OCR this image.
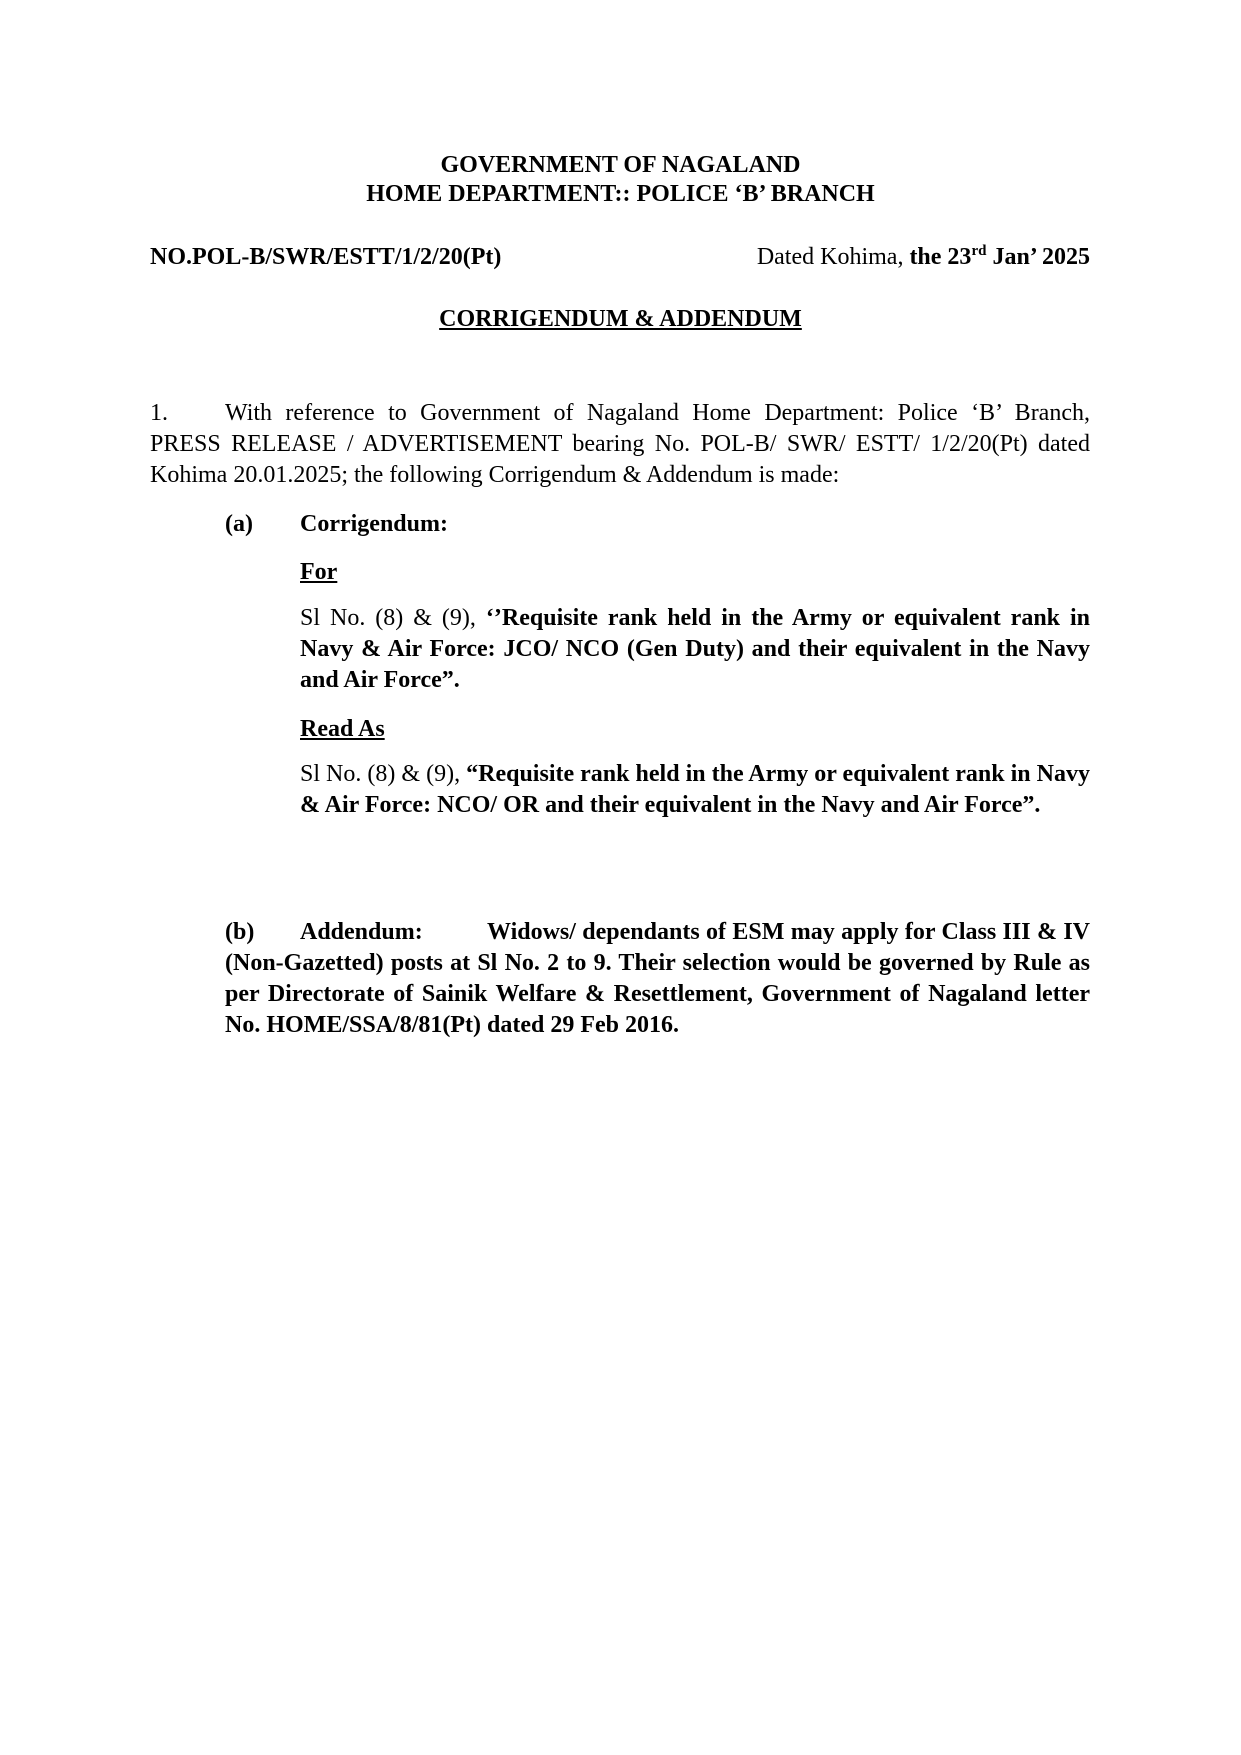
GOVERNMENT OF NAGALAND
HOME DEPARTMENT:: POLICE ‘B’ BRANCH
NO.POL-B/SWR/ESTT/1/2/20(Pt)	Dated Kohima, the 23rd Jan’ 2025
CORRIGENDUM & ADDENDUM
1. With reference to Government of Nagaland Home Department: Police ‘B’ Branch, PRESS RELEASE / ADVERTISEMENT bearing No. POL-B/ SWR/ ESTT/ 1/2/20(Pt) dated Kohima 20.01.2025; the following Corrigendum & Addendum is made:
(a) Corrigendum:
For
Sl No. (8) & (9), ‘’Requisite rank held in the Army or equivalent rank in Navy & Air Force: JCO/ NCO (Gen Duty) and their equivalent in the Navy and Air Force”.
Read As
Sl No. (8) & (9), “Requisite rank held in the Army or equivalent rank in Navy & Air Force: NCO/ OR and their equivalent in the Navy and Air Force”.
(b) Addendum:	Widows/ dependants of ESM may apply for Class III & IV (Non-Gazetted) posts at Sl No. 2 to 9. Their selection would be governed by Rule as per Directorate of Sainik Welfare & Resettlement, Government of Nagaland letter No. HOME/SSA/8/81(Pt) dated 29 Feb 2016.
